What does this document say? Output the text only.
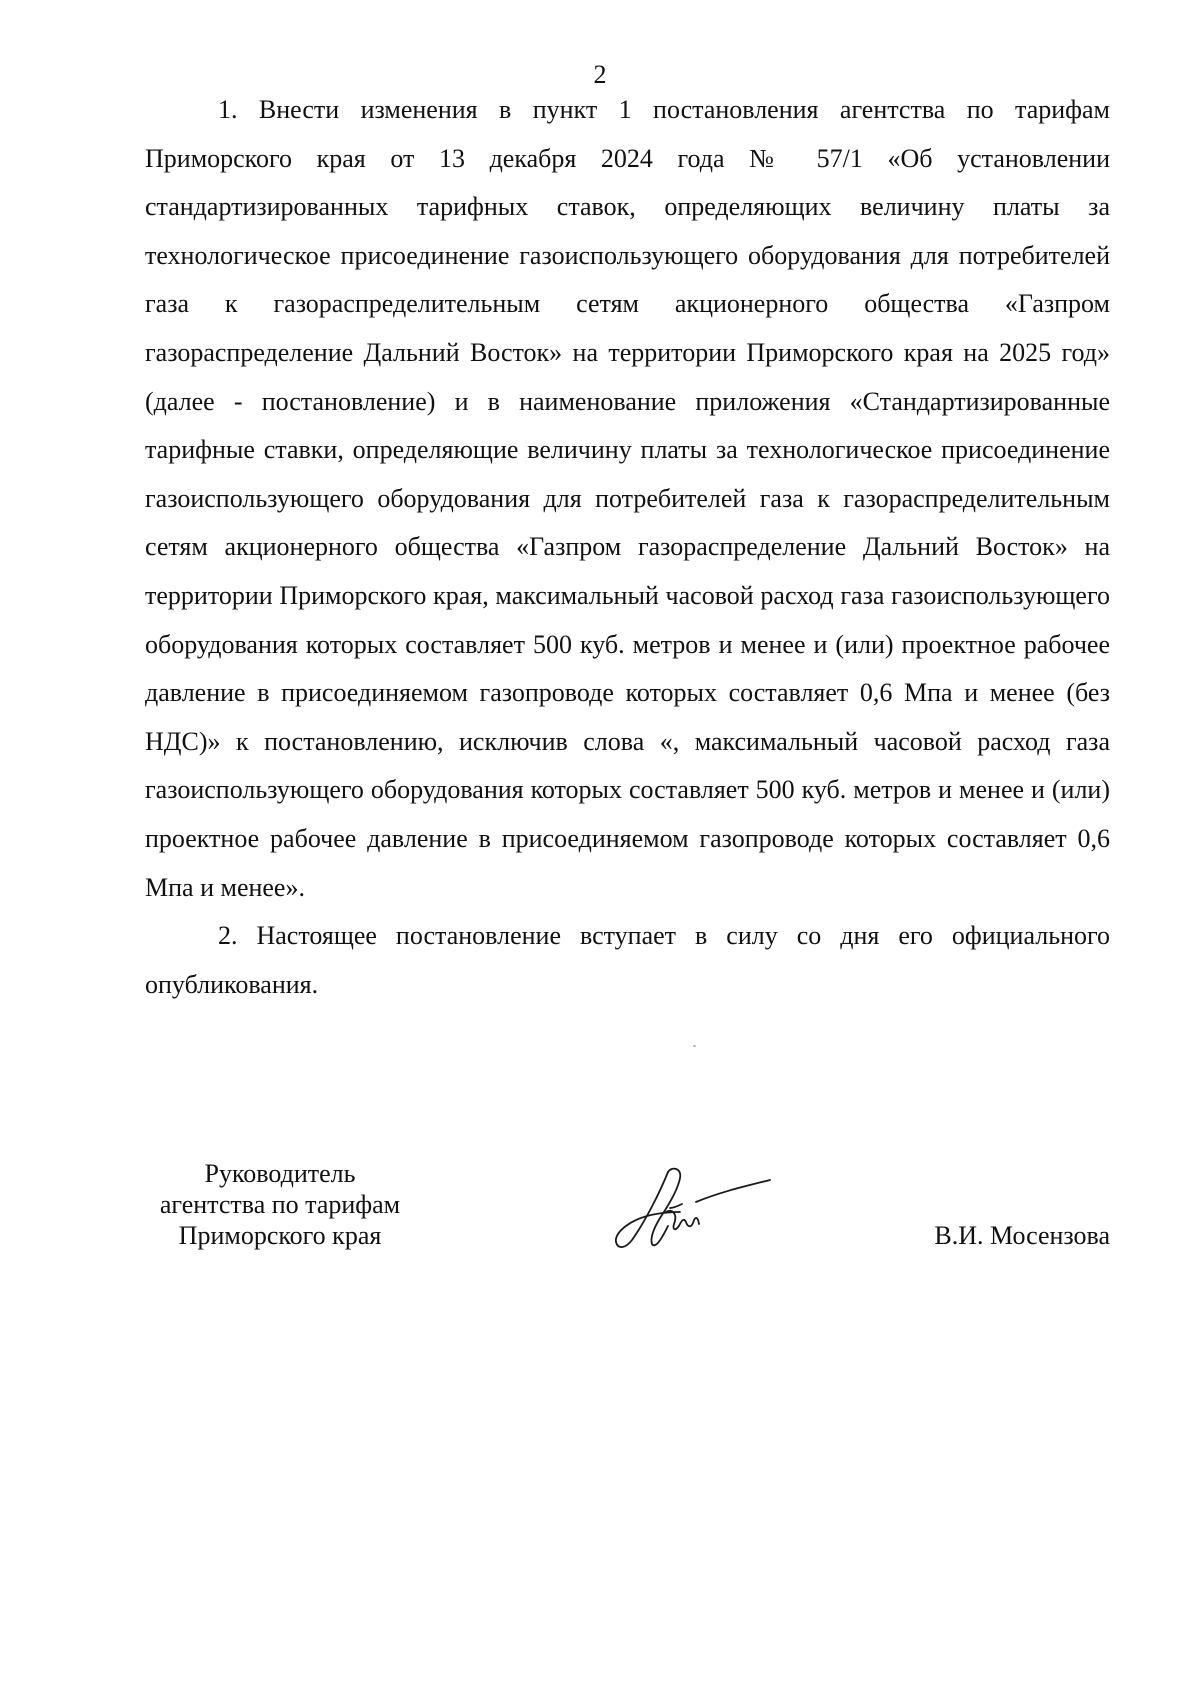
2

1. Внести изменения в пункт 1 постановления агентства по тарифам Приморского края от 13 декабря 2024 года № 57/1 «Об установлении стандартизированных тарифных ставок, определяющих величину платы за технологическое присоединение газоиспользующего оборудования для потребителей газа к газораспределительным сетям акционерного общества «Газпром газораспределение Дальний Восток» на территории Приморского края на 2025 год» (далее - постановление) и в наименование приложения «Стандартизированные тарифные ставки, определяющие величину платы за технологическое присоединение газоиспользующего оборудования для потребителей газа к газораспределительным сетям акционерного общества «Газпром газораспределение Дальний Восток» на территории Приморского края, максимальный часовой расход газа газоиспользующего оборудования которых составляет 500 куб. метров и менее и (или) проектное рабочее давление в присоединяемом газопроводе которых составляет 0,6 Мпа и менее (без НДС)» к постановлению, исключив слова «, максимальный часовой расход газа газоиспользующего оборудования которых составляет 500 куб. метров и менее и (или) проектное рабочее давление в присоединяемом газопроводе которых составляет 0,6 Мпа и менее».

2. Настоящее постановление вступает в силу со дня его официального опубликования.

Руководитель
агентства по тарифам
Приморского края	В.И. Мосензова
